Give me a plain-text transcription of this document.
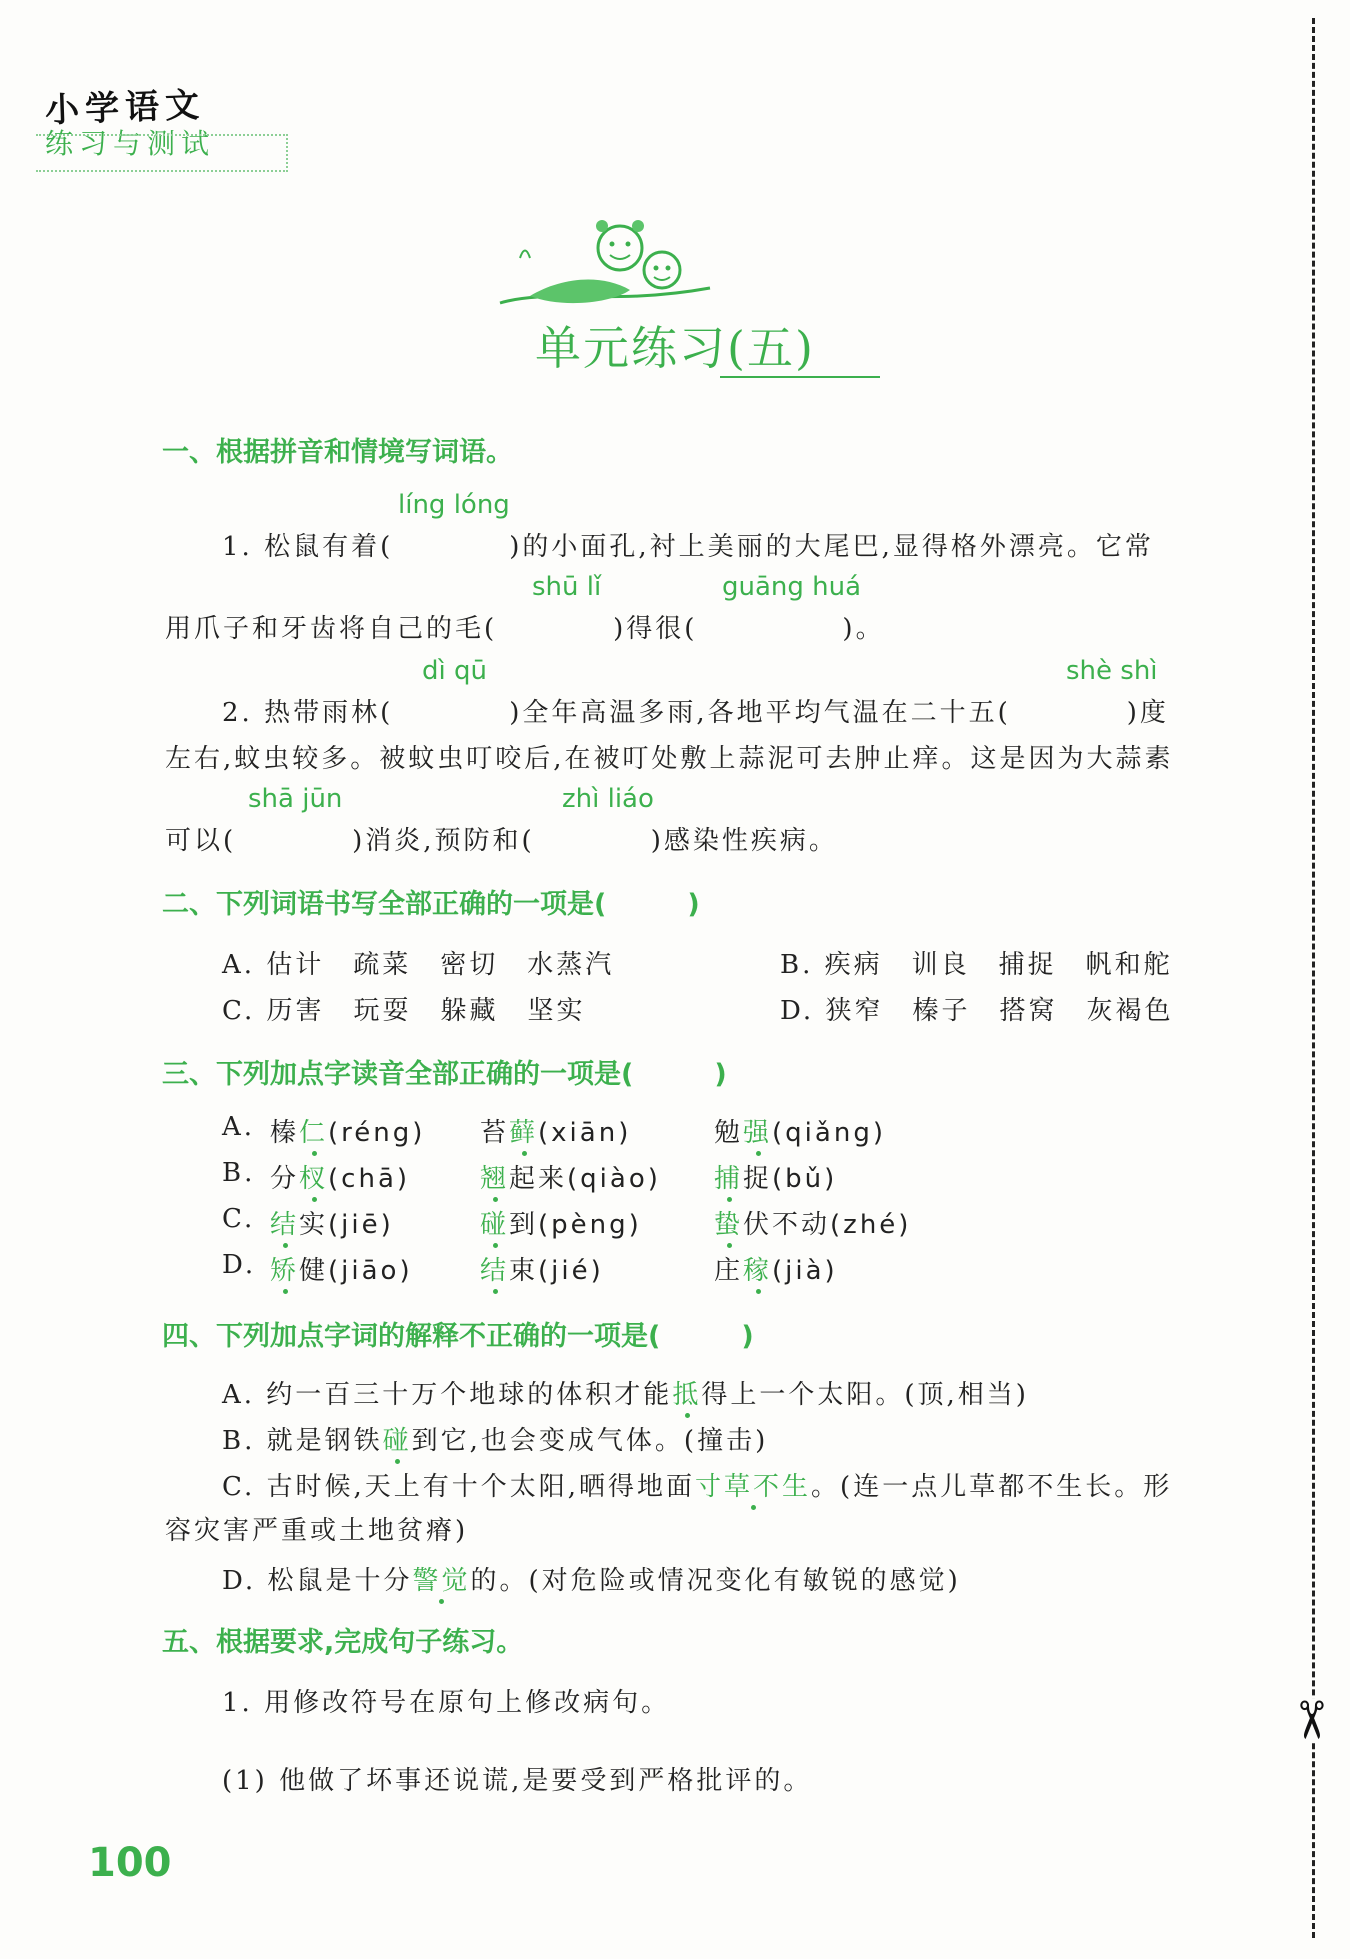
小学语文
练习与测试
✂
单元练习(五)
一、根据拼音和情境写词语。
líng lóng
1. 松鼠有着(　　　　)的小面孔,衬上美丽的大尾巴,显得格外漂亮。它常
shū lǐ	guāng huá
用爪子和牙齿将自己的毛(　　　　)得很(　　　　　)。
dì qū	shè shì
2. 热带雨林(　　　　)全年高温多雨,各地平均气温在二十五(　　　　)度
左右,蚊虫较多。被蚊虫叮咬后,在被叮处敷上蒜泥可去肿止痒。这是因为大蒜素
shā jūn	zhì liáo
可以(　　　　)消炎,预防和(　　　　)感染性疾病。
二、下列词语书写全部正确的一项是(　　　)
A. 估计　疏菜　密切　水蒸汽	B. 疾病　训良　捕捉　帆和舵
C. 历害　玩耍　躲藏　坚实	D. 狭窄　榛子　搭窝　灰褐色
三、下列加点字读音全部正确的一项是(　　　)
A. 榛仁(réng) 苔藓(xiān)	勉强(qiǎng)
B. 分杈(chā)	翘起来(qiào) 捕捉(bǔ)
C. 结实(jiē)	碰到(pèng)	蛰伏不动(zhé)
D. 矫健(jiāo)	结束(jié)	庄稼(jià)
四、下列加点字词的解释不正确的一项是(　　　)
A. 约一百三十万个地球的体积才能抵得上一个太阳。(顶,相当)
B. 就是钢铁碰到它,也会变成气体。(撞击)
C. 古时候,天上有十个太阳,晒得地面寸草不生。(连一点儿草都不生长。形
容灾害严重或土地贫瘠)
D. 松鼠是十分警觉的。(对危险或情况变化有敏锐的感觉)
五、根据要求,完成句子练习。
1. 用修改符号在原句上修改病句。
(1) 他做了坏事还说谎,是要受到严格批评的。
100
